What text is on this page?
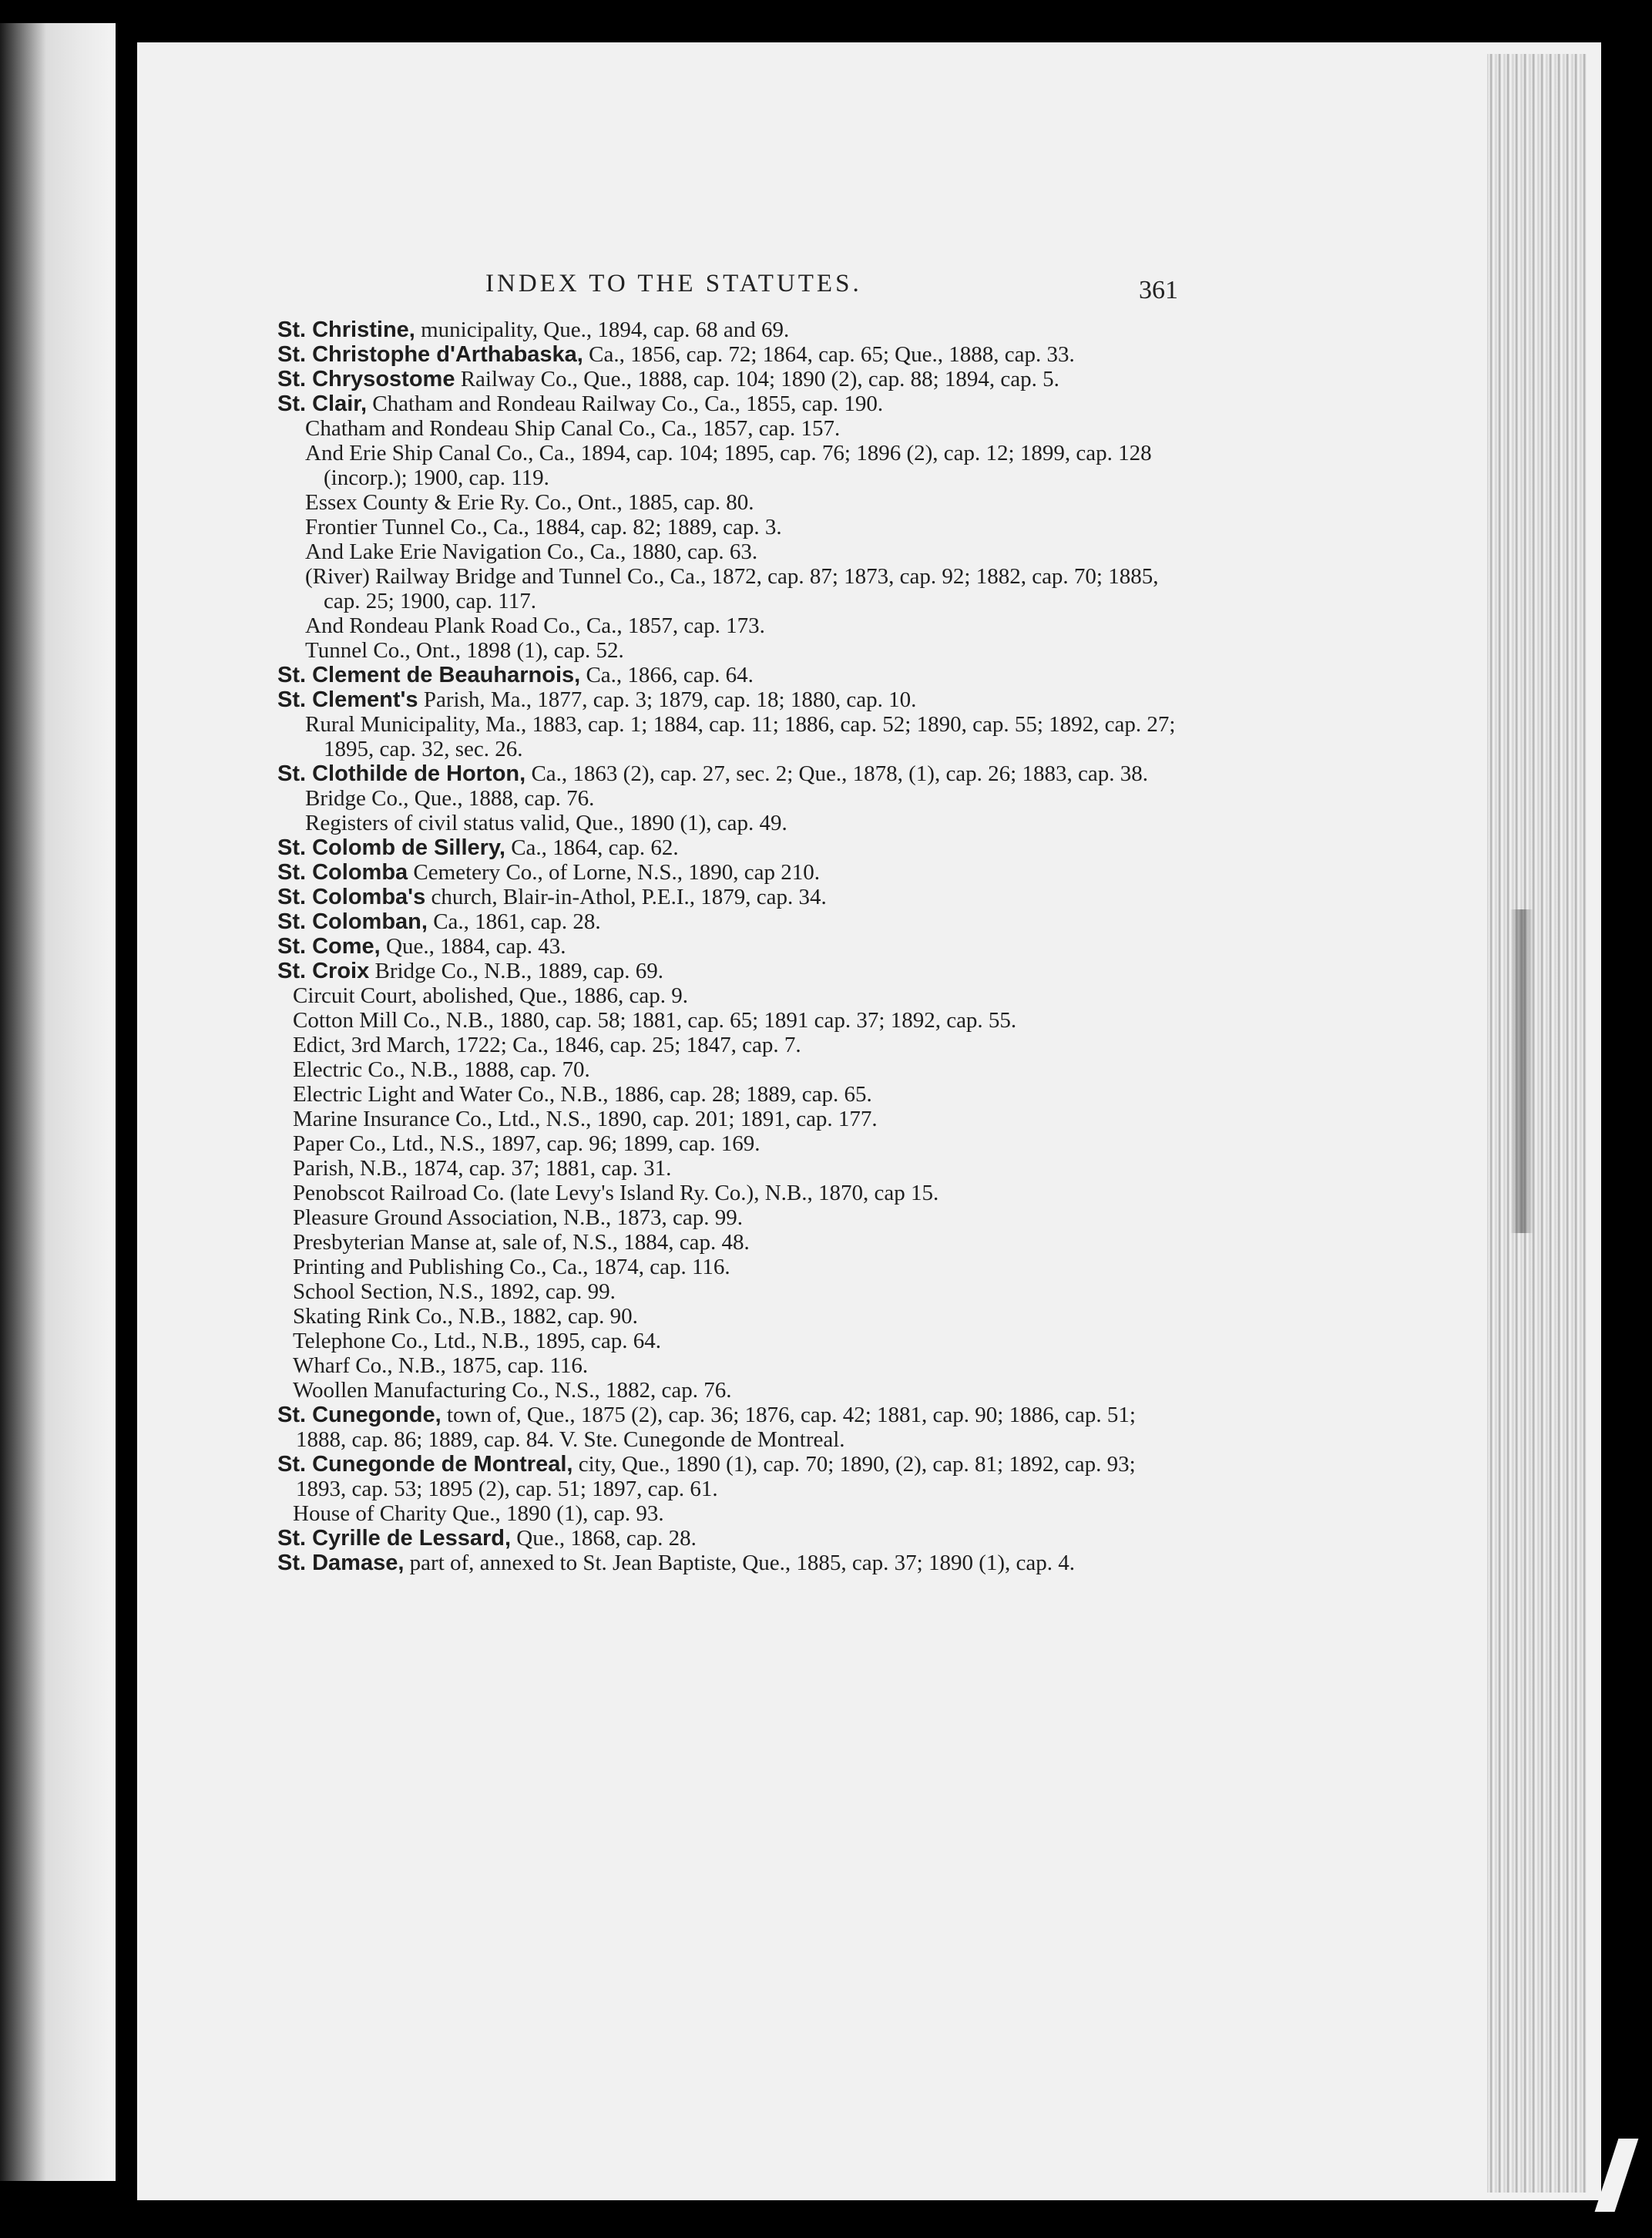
INDEX TO THE STATUTES.	361

St. Christine, municipality, Que., 1894, cap. 68 and 69.

St. Christophe d'Arthabaska, Ca., 1856, cap. 72; 1864, cap. 65; Que., 1888, cap. 33.

St. Chrysostome Railway Co., Que., 1888, cap. 104; 1890 (2), cap. 88; 1894, cap. 5.

St. Clair, Chatham and Rondeau Railway Co., Ca., 1855, cap. 190.

Chatham and Rondeau Ship Canal Co., Ca., 1857, cap. 157.

And Erie Ship Canal Co., Ca., 1894, cap. 104; 1895, cap. 76; 1896 (2), cap. 12; 1899, cap. 128 (incorp.); 1900, cap. 119.

Essex County & Erie Ry. Co., Ont., 1885, cap. 80.

Frontier Tunnel Co., Ca., 1884, cap. 82; 1889, cap. 3.

And Lake Erie Navigation Co., Ca., 1880, cap. 63.

(River) Railway Bridge and Tunnel Co., Ca., 1872, cap. 87; 1873, cap. 92; 1882, cap. 70; 1885, cap. 25; 1900, cap. 117.

And Rondeau Plank Road Co., Ca., 1857, cap. 173.

Tunnel Co., Ont., 1898 (1), cap. 52.

St. Clement de Beauharnois, Ca., 1866, cap. 64.

St. Clement's Parish, Ma., 1877, cap. 3; 1879, cap. 18; 1880, cap. 10.

Rural Municipality, Ma., 1883, cap. 1; 1884, cap. 11; 1886, cap. 52; 1890, cap. 55; 1892, cap. 27; 1895, cap. 32, sec. 26.

St. Clothilde de Horton, Ca., 1863 (2), cap. 27, sec. 2; Que., 1878, (1), cap. 26; 1883, cap. 38.

Bridge Co., Que., 1888, cap. 76.

Registers of civil status valid, Que., 1890 (1), cap. 49.

St. Colomb de Sillery, Ca., 1864, cap. 62.

St. Colomba Cemetery Co., of Lorne, N.S., 1890, cap 210.

St. Colomba's church, Blair-in-Athol, P.E.I., 1879, cap. 34.

St. Colomban, Ca., 1861, cap. 28.

St. Come, Que., 1884, cap. 43.

St. Croix Bridge Co., N.B., 1889, cap. 69.

Circuit Court, abolished, Que., 1886, cap. 9.

Cotton Mill Co., N.B., 1880, cap. 58; 1881, cap. 65; 1891 cap. 37; 1892, cap. 55.

Edict, 3rd March, 1722; Ca., 1846, cap. 25; 1847, cap. 7.

Electric Co., N.B., 1888, cap. 70.

Electric Light and Water Co., N.B., 1886, cap. 28; 1889, cap. 65.

Marine Insurance Co., Ltd., N.S., 1890, cap. 201; 1891, cap. 177.

Paper Co., Ltd., N.S., 1897, cap. 96; 1899, cap. 169.

Parish, N.B., 1874, cap. 37; 1881, cap. 31.

Penobscot Railroad Co. (late Levy's Island Ry. Co.), N.B., 1870, cap 15.

Pleasure Ground Association, N.B., 1873, cap. 99.

Presbyterian Manse at, sale of, N.S., 1884, cap. 48.

Printing and Publishing Co., Ca., 1874, cap. 116.

School Section, N.S., 1892, cap. 99.

Skating Rink Co., N.B., 1882, cap. 90.

Telephone Co., Ltd., N.B., 1895, cap. 64.

Wharf Co., N.B., 1875, cap. 116.

Woollen Manufacturing Co., N.S., 1882, cap. 76.

St. Cunegonde, town of, Que., 1875 (2), cap. 36; 1876, cap. 42; 1881, cap. 90; 1886, cap. 51; 1888, cap. 86; 1889, cap. 84. V. Ste. Cunegonde de Montreal.

St. Cunegonde de Montreal, city, Que., 1890 (1), cap. 70; 1890, (2), cap. 81; 1892, cap. 93; 1893, cap. 53; 1895 (2), cap. 51; 1897, cap. 61.

House of Charity Que., 1890 (1), cap. 93.

St. Cyrille de Lessard, Que., 1868, cap. 28.

St. Damase, part of, annexed to St. Jean Baptiste, Que., 1885, cap. 37; 1890 (1), cap. 4.
